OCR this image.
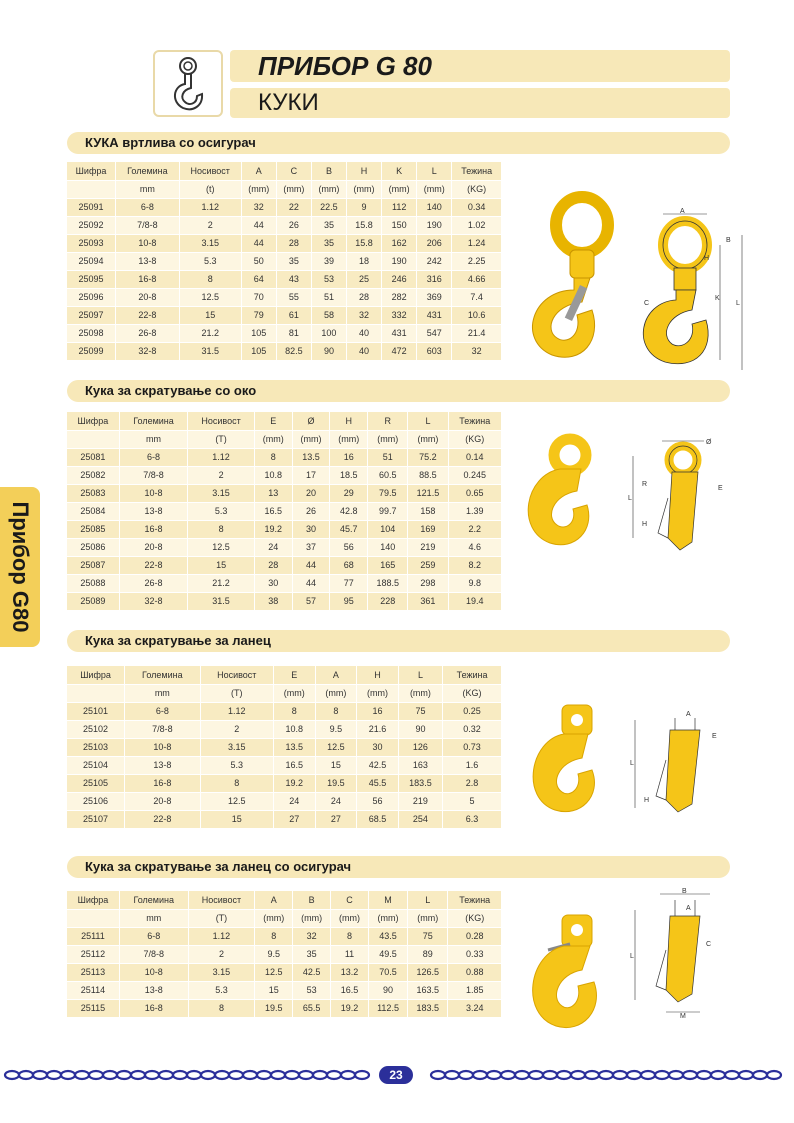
ПРИБОР G 80
КУКИ
Прибор G80
КУКА вртлива со осигурач
Кука за скратување со око
Кука за скратување за ланец
Кука за скратување за ланец со осигурач
Шифра	Големина	Носивост	A	C	B	H	K	L	Тежина
	mm	(t)	(mm)	(mm)	(mm)	(mm)	(mm)	(mm)	(KG)
25091	6-8	1.12	32	22	22.5	9	112	140	0.34
25092	7/8-8	2	44	26	35	15.8	150	190	1.02
25093	10-8	3.15	44	28	35	15.8	162	206	1.24
25094	13-8	5.3	50	35	39	18	190	242	2.25
25095	16-8	8	64	43	53	25	246	316	4.66
25096	20-8	12.5	70	55	51	28	282	369	7.4
25097	22-8	15	79	61	58	32	332	431	10.6
25098	26-8	21.2	105	81	100	40	431	547	21.4
25099	32-8	31.5	105	82.5	90	40	472	603	32
Шифра	Големина	Носивост	E	Ø	H	R	L	Тежина
	mm	(T)	(mm)	(mm)	(mm)	(mm)	(mm)	(KG)
25081	6-8	1.12	8	13.5	16	51	75.2	0.14
25082	7/8-8	2	10.8	17	18.5	60.5	88.5	0.245
25083	10-8	3.15	13	20	29	79.5	121.5	0.65
25084	13-8	5.3	16.5	26	42.8	99.7	158	1.39
25085	16-8	8	19.2	30	45.7	104	169	2.2
25086	20-8	12.5	24	37	56	140	219	4.6
25087	22-8	15	28	44	68	165	259	8.2
25088	26-8	21.2	30	44	77	188.5	298	9.8
25089	32-8	31.5	38	57	95	228	361	19.4
Шифра	Големина	Носивост	E	A	H	L	Тежина
	mm	(T)	(mm)	(mm)	(mm)	(mm)	(KG)
25101	6-8	1.12	8	8	16	75	0.25
25102	7/8-8	2	10.8	9.5	21.6	90	0.32
25103	10-8	3.15	13.5	12.5	30	126	0.73
25104	13-8	5.3	16.5	15	42.5	163	1.6
25105	16-8	8	19.2	19.5	45.5	183.5	2.8
25106	20-8	12.5	24	24	56	219	5
25107	22-8	15	27	27	68.5	254	6.3
Шифра	Големина	Носивост	A	B	C	M	L	Тежина
	mm	(T)	(mm)	(mm)	(mm)	(mm)	(mm)	(KG)
25111	6-8	1.12	8	32	8	43.5	75	0.28
25112	7/8-8	2	9.5	35	11	49.5	89	0.33
25113	10-8	3.15	12.5	42.5	13.2	70.5	126.5	0.88
25114	13-8	5.3	15	53	16.5	90	163.5	1.85
25115	16-8	8	19.5	65.5	19.2	112.5	183.5	3.24
A
L
K
H
B
C
Ø
E
L
R
H
L
A
E
H
B
A
C
L
M
23
